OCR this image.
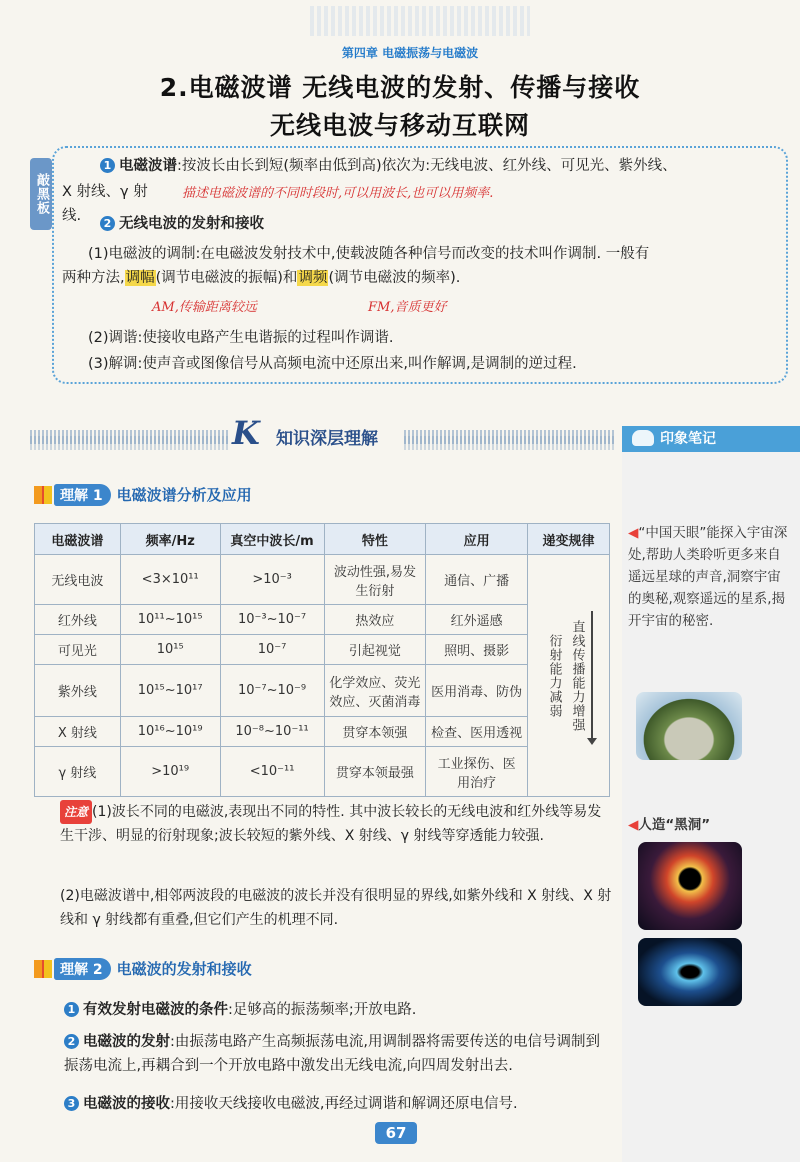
第四章 电磁振荡与电磁波
2.电磁波谱 无线电波的发射、传播与接收
无线电波与移动互联网
敲黑板
1 电磁波谱:按波长由长到短(频率由低到高)依次为:无线电波、红外线、可见光、紫外线、
X 射线、γ 射线.
描述电磁波谱的不同时段时,可以用波长,也可以用频率.
2 无线电波的发射和接收
(1)电磁波的调制:在电磁波发射技术中,使载波随各种信号而改变的技术叫作调制. 一般有
两种方法,调幅(调节电磁波的振幅)和调频(调节电磁波的频率).
AM,传输距离较远	FM,音质更好
(2)调谐:使接收电路产生电谐振的过程叫作调谐.
(3)解调:使声音或图像信号从高频电流中还原出来,叫作解调,是调制的逆过程.
K 知识深层理解	印象笔记
◀“中国天眼”能探入宇宙深处,帮助人类聆听更多来自遥远星球的声音,洞察宇宙的奥秘,观察遥远的星系,揭开宇宙的秘密.
◀人造“黑洞”
理解 1 电磁波谱分析及应用
电磁波谱	频率/Hz	真空中波长/m	特性	应用	递变规律
无线电波	<3×10¹¹	>10⁻³	波动性强,易发生衍射	通信、广播	衍射能力减弱 直线传播能力增强

红外线	10¹¹~10¹⁵	10⁻³~10⁻⁷	热效应	红外遥感	
可见光	10¹⁵	10⁻⁷	引起视觉	照明、摄影	
紫外线	10¹⁵~10¹⁷	10⁻⁷~10⁻⁹	化学效应、荧光效应、灭菌消毒	医用消毒、防伪	
X 射线	10¹⁶~10¹⁹	10⁻⁸~10⁻¹¹	贯穿本领强	检查、医用透视	
γ 射线	>10¹⁹	<10⁻¹¹	贯穿本领最强	工业探伤、医用治疗	
注意 (1)波长不同的电磁波,表现出不同的特性. 其中波长较长的无线电波和红外线等易发生干涉、明显的衍射现象;波长较短的紫外线、X 射线、γ 射线等穿透能力较强.
(2)电磁波谱中,相邻两波段的电磁波的波长并没有很明显的界线,如紫外线和 X 射线、X 射线和 γ 射线都有重叠,但它们产生的机理不同.
理解 2 电磁波的发射和接收
1 有效发射电磁波的条件:足够高的振荡频率;开放电路.
2 电磁波的发射:由振荡电路产生高频振荡电流,用调制器将需要传送的电信号调制到振荡电流上,再耦合到一个开放电路中激发出无线电流,向四周发射出去.
3 电磁波的接收:用接收天线接收电磁波,再经过调谐和解调还原电信号.
67
